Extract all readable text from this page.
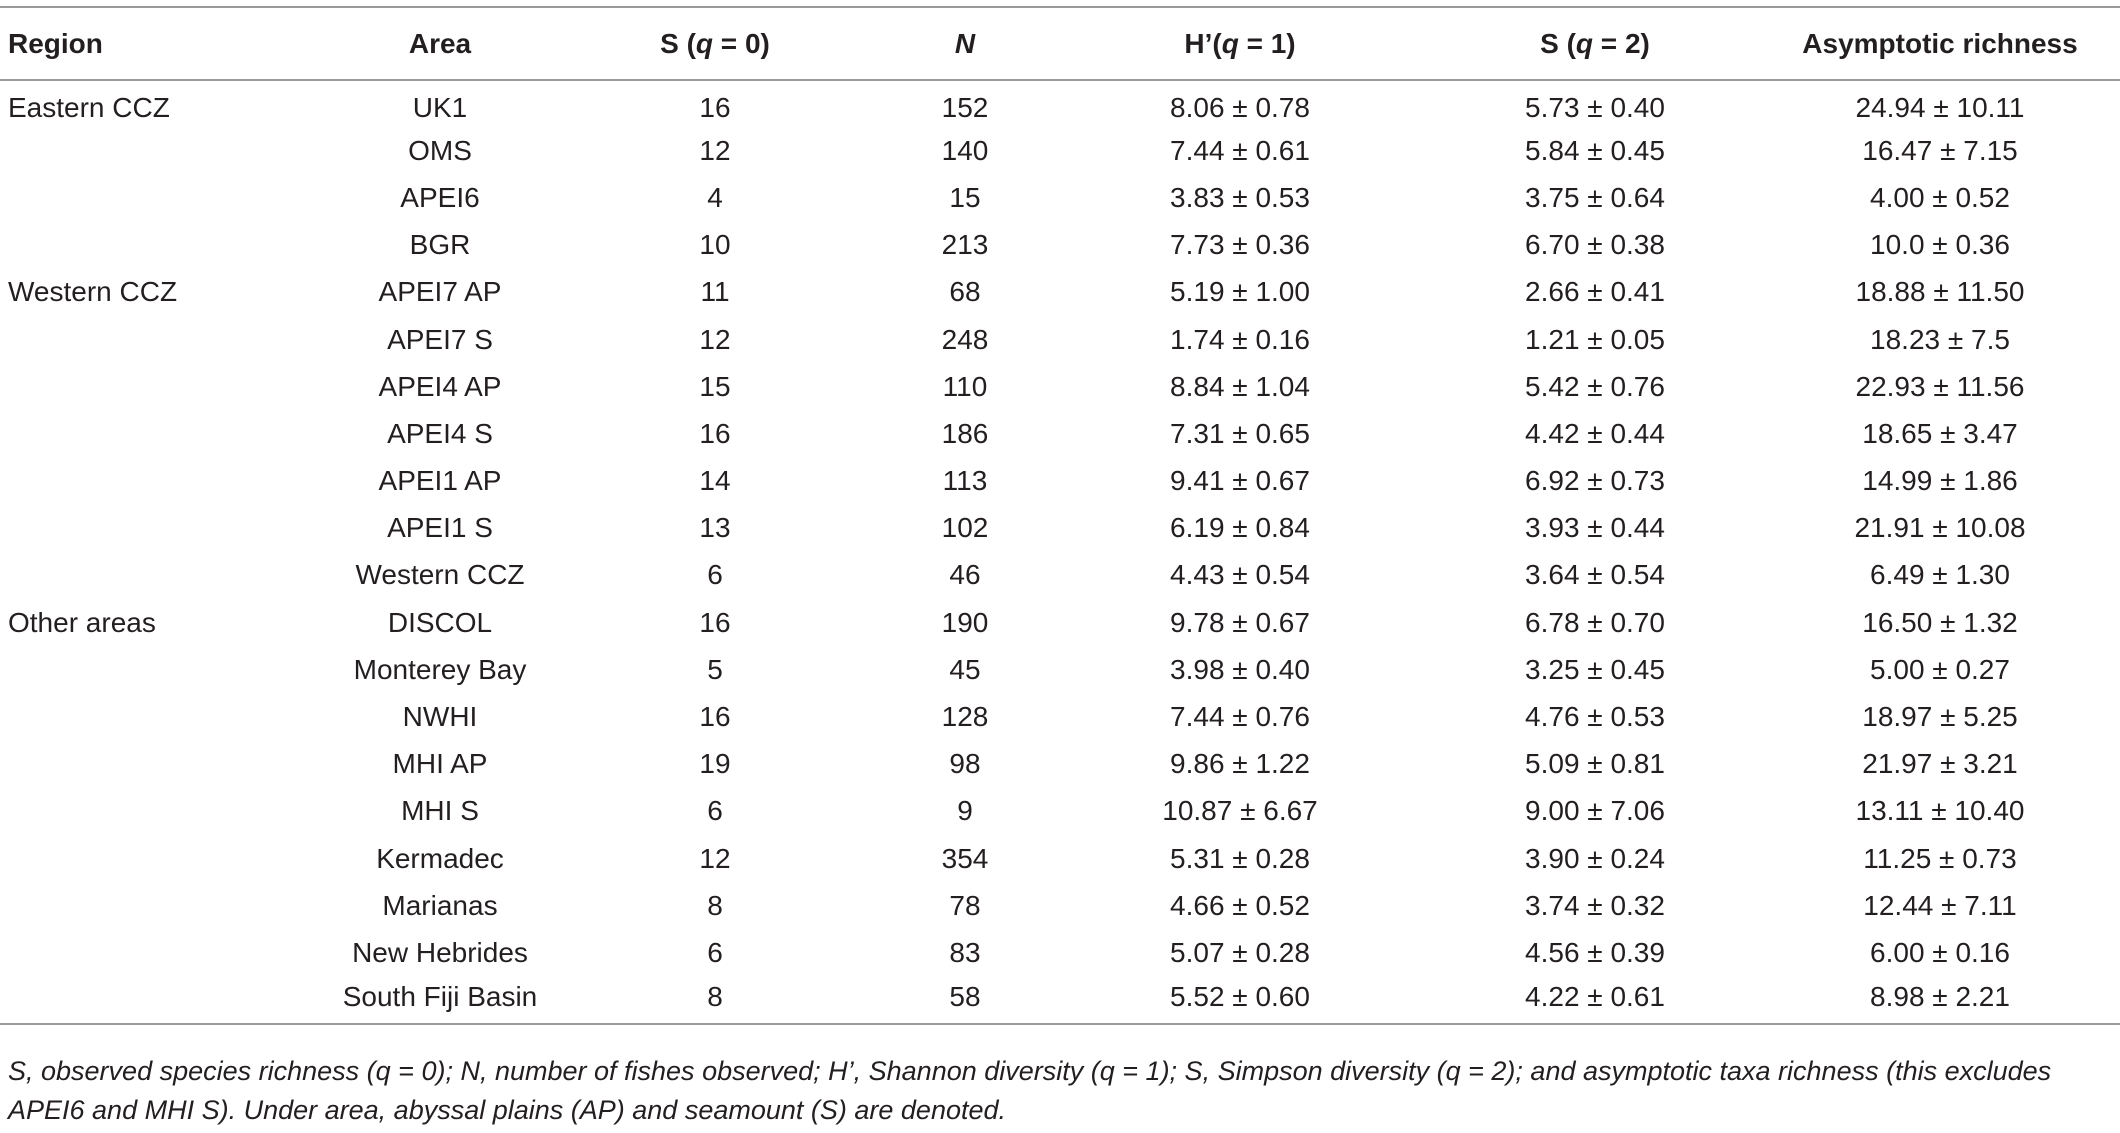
Region	Area	S (q = 0)	N	H’(q = 1)	S (q = 2)	Asymptotic richness
Eastern CCZ	UK1	16	152	8.06 ± 0.78	5.73 ± 0.40	24.94 ± 10.11
	OMS	12	140	7.44 ± 0.61	5.84 ± 0.45	16.47 ± 7.15
	APEI6	4	15	3.83 ± 0.53	3.75 ± 0.64	4.00 ± 0.52
	BGR	10	213	7.73 ± 0.36	6.70 ± 0.38	10.0 ± 0.36
Western CCZ	APEI7 AP	11	68	5.19 ± 1.00	2.66 ± 0.41	18.88 ± 11.50
	APEI7 S	12	248	1.74 ± 0.16	1.21 ± 0.05	18.23 ± 7.5
	APEI4 AP	15	110	8.84 ± 1.04	5.42 ± 0.76	22.93 ± 11.56
	APEI4 S	16	186	7.31 ± 0.65	4.42 ± 0.44	18.65 ± 3.47
	APEI1 AP	14	113	9.41 ± 0.67	6.92 ± 0.73	14.99 ± 1.86
	APEI1 S	13	102	6.19 ± 0.84	3.93 ± 0.44	21.91 ± 10.08
	Western CCZ	6	46	4.43 ± 0.54	3.64 ± 0.54	6.49 ± 1.30
Other areas	DISCOL	16	190	9.78 ± 0.67	6.78 ± 0.70	16.50 ± 1.32
	Monterey Bay	5	45	3.98 ± 0.40	3.25 ± 0.45	5.00 ± 0.27
	NWHI	16	128	7.44 ± 0.76	4.76 ± 0.53	18.97 ± 5.25
	MHI AP	19	98	9.86 ± 1.22	5.09 ± 0.81	21.97 ± 3.21
	MHI S	6	9	10.87 ± 6.67	9.00 ± 7.06	13.11 ± 10.40
	Kermadec	12	354	5.31 ± 0.28	3.90 ± 0.24	11.25 ± 0.73
	Marianas	8	78	4.66 ± 0.52	3.74 ± 0.32	12.44 ± 7.11
	New Hebrides	6	83	5.07 ± 0.28	4.56 ± 0.39	6.00 ± 0.16
	South Fiji Basin	8	58	5.52 ± 0.60	4.22 ± 0.61	8.98 ± 2.21
S, observed species richness (q = 0); N, number of fishes observed; H’, Shannon diversity (q = 1); S, Simpson diversity (q = 2); and asymptotic taxa richness (this excludes APEI6 and MHI S). Under area, abyssal plains (AP) and seamount (S) are denoted.
